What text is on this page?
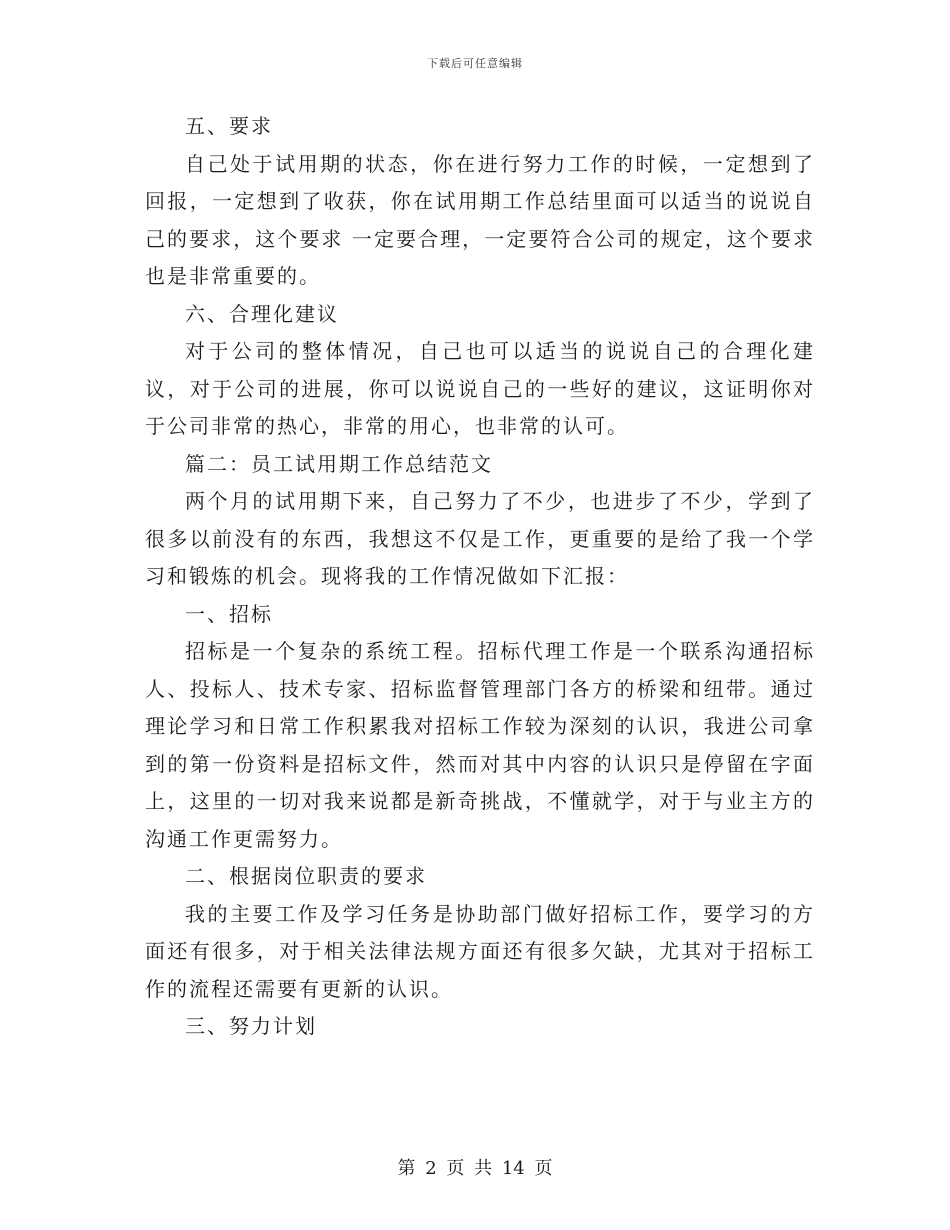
下载后可任意编辑

五、要求

自己处于试用期的状态，你在进行努力工作的时候，一定想到了回报，一定想到了收获，你在试用期工作总结里面可以适当的说说自己的要求，这个要求 一定要合理，一定要符合公司的规定，这个要求也是非常重要的。

六、合理化建议

对于公司的整体情况，自己也可以适当的说说自己的合理化建议，对于公司的进展，你可以说说自己的一些好的建议，这证明你对于公司非常的热心，非常的用心，也非常的认可。

篇二：员工试用期工作总结范文

两个月的试用期下来，自己努力了不少，也进步了不少，学到了很多以前没有的东西，我想这不仅是工作，更重要的是给了我一个学习和锻炼的机会。现将我的工作情况做如下汇报：

一、招标

招标是一个复杂的系统工程。招标代理工作是一个联系沟通招标人、投标人、技术专家、招标监督管理部门各方的桥梁和纽带。通过理论学习和日常工作积累我对招标工作较为深刻的认识，我进公司拿到的第一份资料是招标文件，然而对其中内容的认识只是停留在字面上，这里的一切对我来说都是新奇挑战，不懂就学，对于与业主方的沟通工作更需努力。

二、根据岗位职责的要求

我的主要工作及学习任务是协助部门做好招标工作，要学习的方面还有很多，对于相关法律法规方面还有很多欠缺，尤其对于招标工作的流程还需要有更新的认识。

三、努力计划

第 2 页 共 14 页
